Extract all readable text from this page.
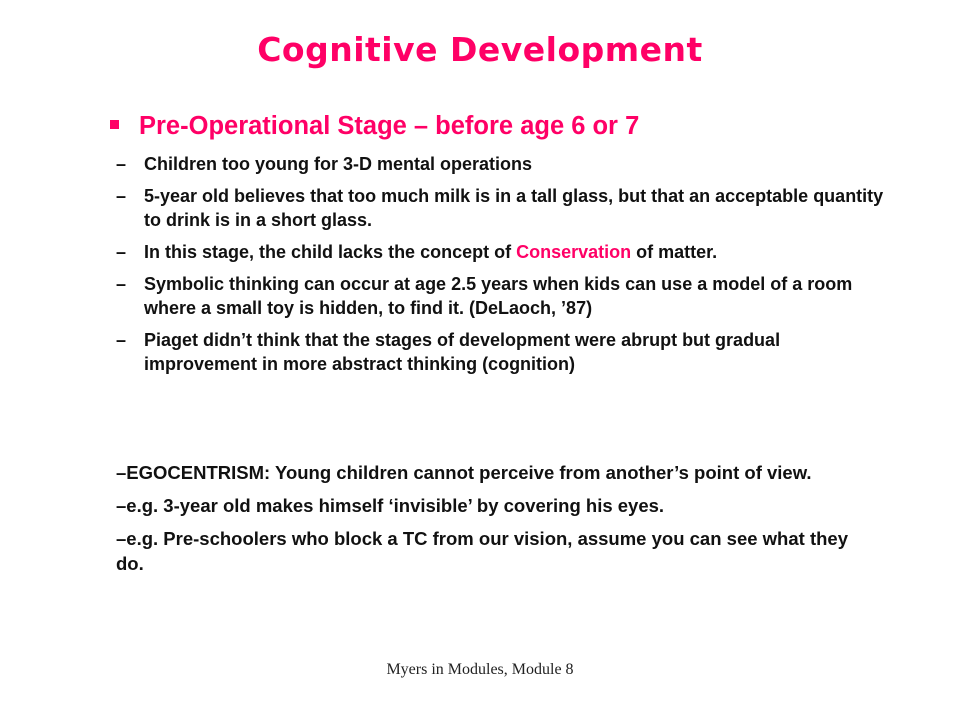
Cognitive Development
Pre-Operational Stage – before age 6 or 7
– Children too young for 3-D mental operations
– 5-year old believes that too much milk is in a tall glass, but that an acceptable quantity to drink is in a short glass.
– In this stage, the child lacks the concept of Conservation of matter.
– Symbolic thinking can occur at age 2.5 years when kids can use a model of a room where a small toy is hidden, to find it. (DeLaoch, ’87)
– Piaget didn’t think that the stages of development were abrupt but gradual improvement in more abstract thinking (cognition)

–EGOCENTRISM: Young children cannot perceive from another’s point of view.

–e.g. 3-year old makes himself ‘invisible’ by covering his eyes.

–e.g. Pre-schoolers who block a TC from our vision, assume you can see what they do.

Myers in Modules, Module 8
